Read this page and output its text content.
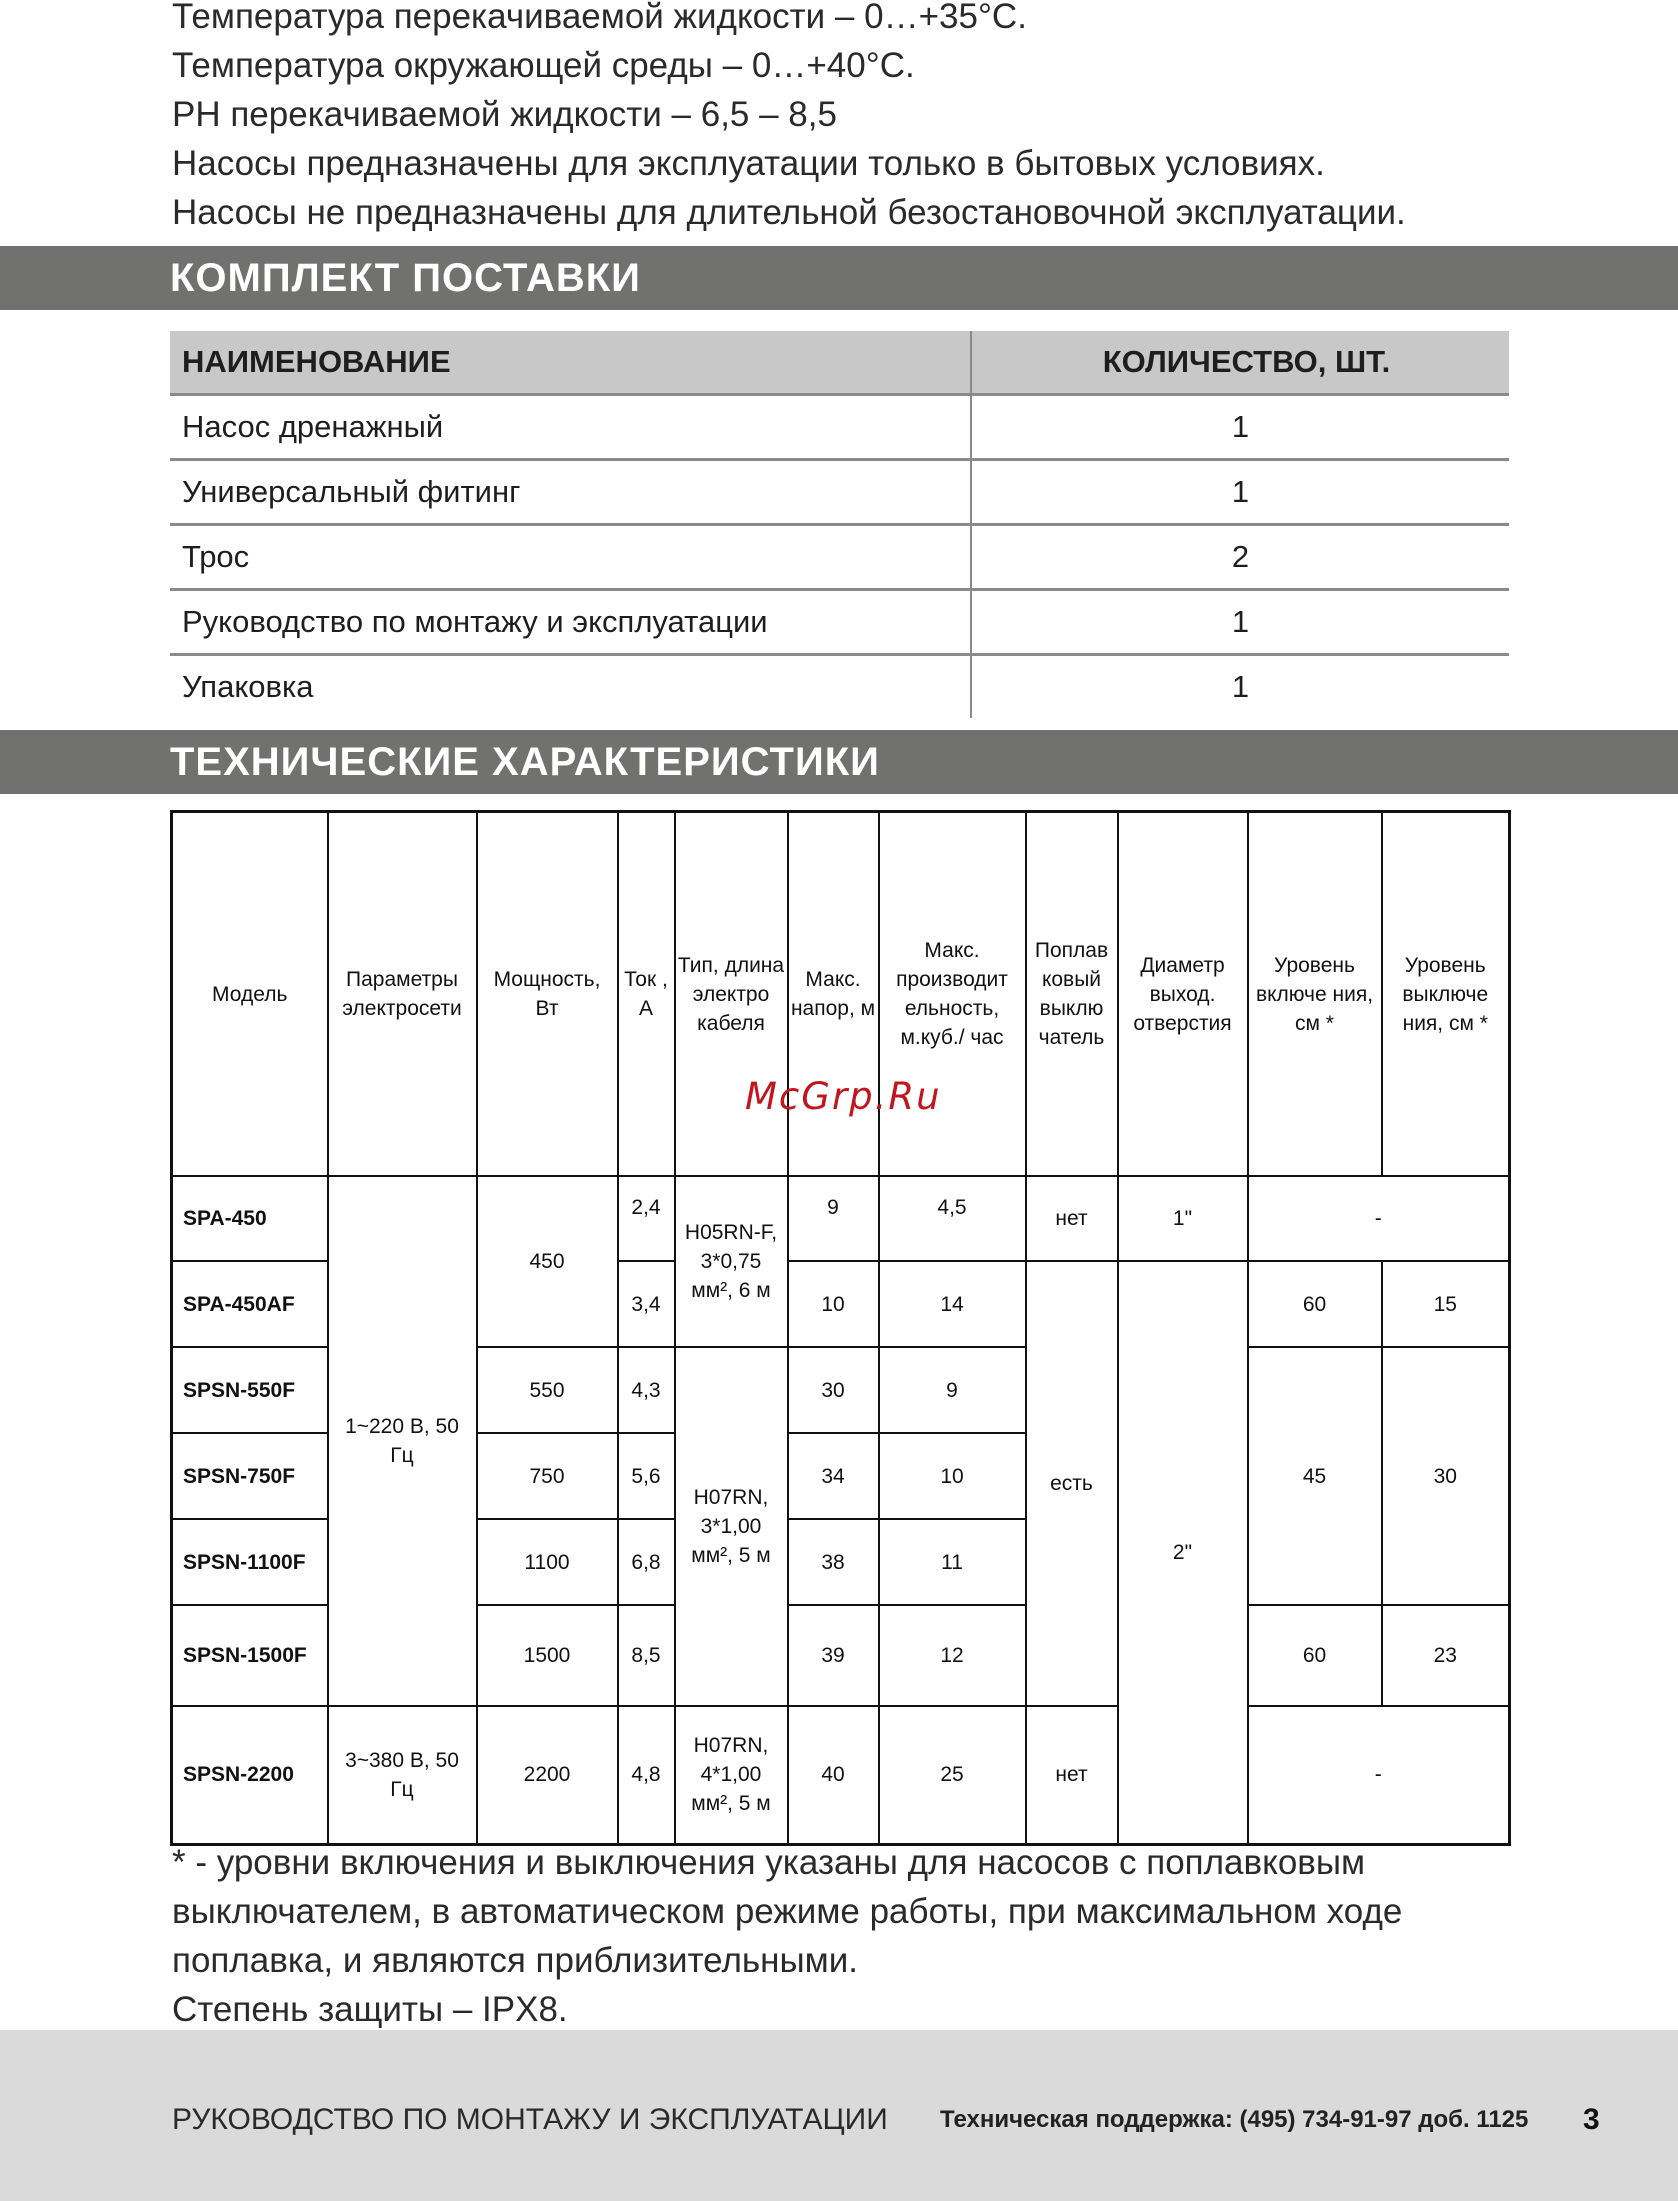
Температура перекачиваемой жидкости – 0…+35°С.

Температура окружающей среды – 0…+40°С.

PH перекачиваемой жидкости – 6,5 – 8,5

Насосы предназначены для эксплуатации только в бытовых условиях.

Насосы не предназначены для длительной безостановочной эксплуатации.

КОМПЛЕКТ ПОСТАВКИ
НАИМЕНОВАНИЕ	КОЛИЧЕСТВО, ШТ.
Насос дренажный	1
Универсальный фитинг	1
Трос	2
Руководство по монтажу и эксплуатации	1
Упаковка	1
ТЕХНИЧЕСКИЕ ХАРАКТЕРИСТИКИ
Модель	Параметры электросети	Мощность, Вт	Ток , А	Тип, длина электро кабеля	Макс. напор, м	Макс. производит ельность, м.куб./ час	Поплав ковый выклю чатель	Диаметр выход. отверстия	Уровень включе ния, см *	Уровень выключе ния, см *
SPA-450	1~220 В, 50 Гц	450	2,4	H05RN-F, 3*0,75 мм², 6 м	9	4,5	нет	1"	-	
SPA-450AF			3,4		10	14	есть	2"	60	15
SPSN-550F		550	4,3	H07RN, 3*1,00 мм², 5 м	30	9			45	30
SPSN-750F		750	5,6		34	10				
SPSN-1100F		1100	6,8		38	11				
SPSN-1500F		1500	8,5		39	12			60	23
SPSN-2200	3~380 В, 50 Гц	2200	4,8	H07RN, 4*1,00 мм², 5 м	40	25	нет		-	
McGrp.Ru

* - уровни включения и выключения указаны для насосов с поплавковым

выключателем, в автоматическом режиме работы, при максимальном ходе

поплавка, и являются приблизительными.

Степень защиты – IPX8.

РУКОВОДСТВО ПО МОНТАЖУ И ЭКСПЛУАТАЦИИ Техническая поддержка: (495) 734-91-97 доб. 1125 3
